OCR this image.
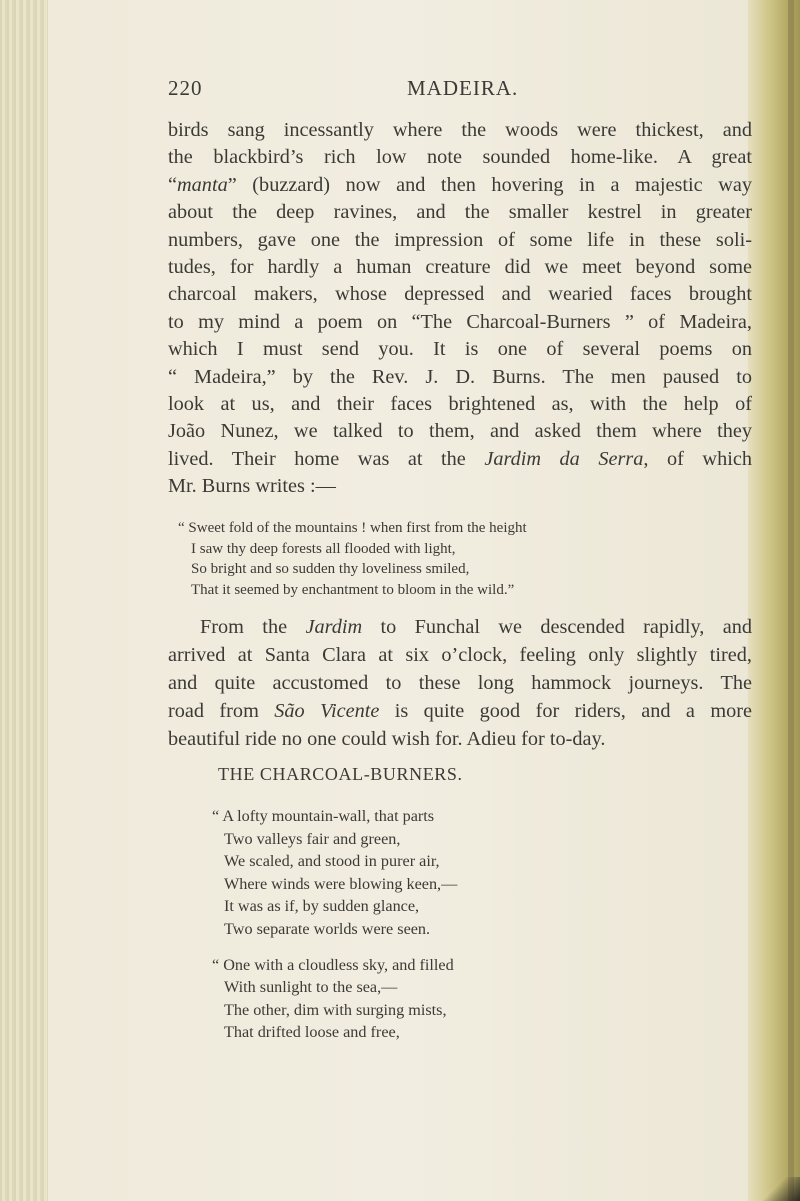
220	MADEIRA.
birds sang incessantly where the woods were thickest, and
the blackbird’s rich low note sounded home-like. A great
“manta” (buzzard) now and then hovering in a majestic way
about the deep ravines, and the smaller kestrel in greater
numbers, gave one the impression of some life in these soli-
tudes, for hardly a human creature did we meet beyond some
charcoal makers, whose depressed and wearied faces brought
to my mind a poem on “The Charcoal-Burners ” of Madeira,
which I must send you. It is one of several poems on
“ Madeira,” by the Rev. J. D. Burns. The men paused to
look at us, and their faces brightened as, with the help of
João Nunez, we talked to them, and asked them where they
lived. Their home was at the Jardim da Serra, of which
Mr. Burns writes :—
“ Sweet fold of the mountains ! when first from the height
I saw thy deep forests all flooded with light,
So bright and so sudden thy loveliness smiled,
That it seemed by enchantment to bloom in the wild.”
From the Jardim to Funchal we descended rapidly, and
arrived at Santa Clara at six o’clock, feeling only slightly tired,
and quite accustomed to these long hammock journeys. The
road from São Vicente is quite good for riders, and a more
beautiful ride no one could wish for. Adieu for to-day.
THE CHARCOAL-BURNERS.
“ A lofty mountain-wall, that parts
Two valleys fair and green,
We scaled, and stood in purer air,
Where winds were blowing keen,—
It was as if, by sudden glance,
Two separate worlds were seen.
“ One with a cloudless sky, and filled
With sunlight to the sea,—
The other, dim with surging mists,
That drifted loose and free,
